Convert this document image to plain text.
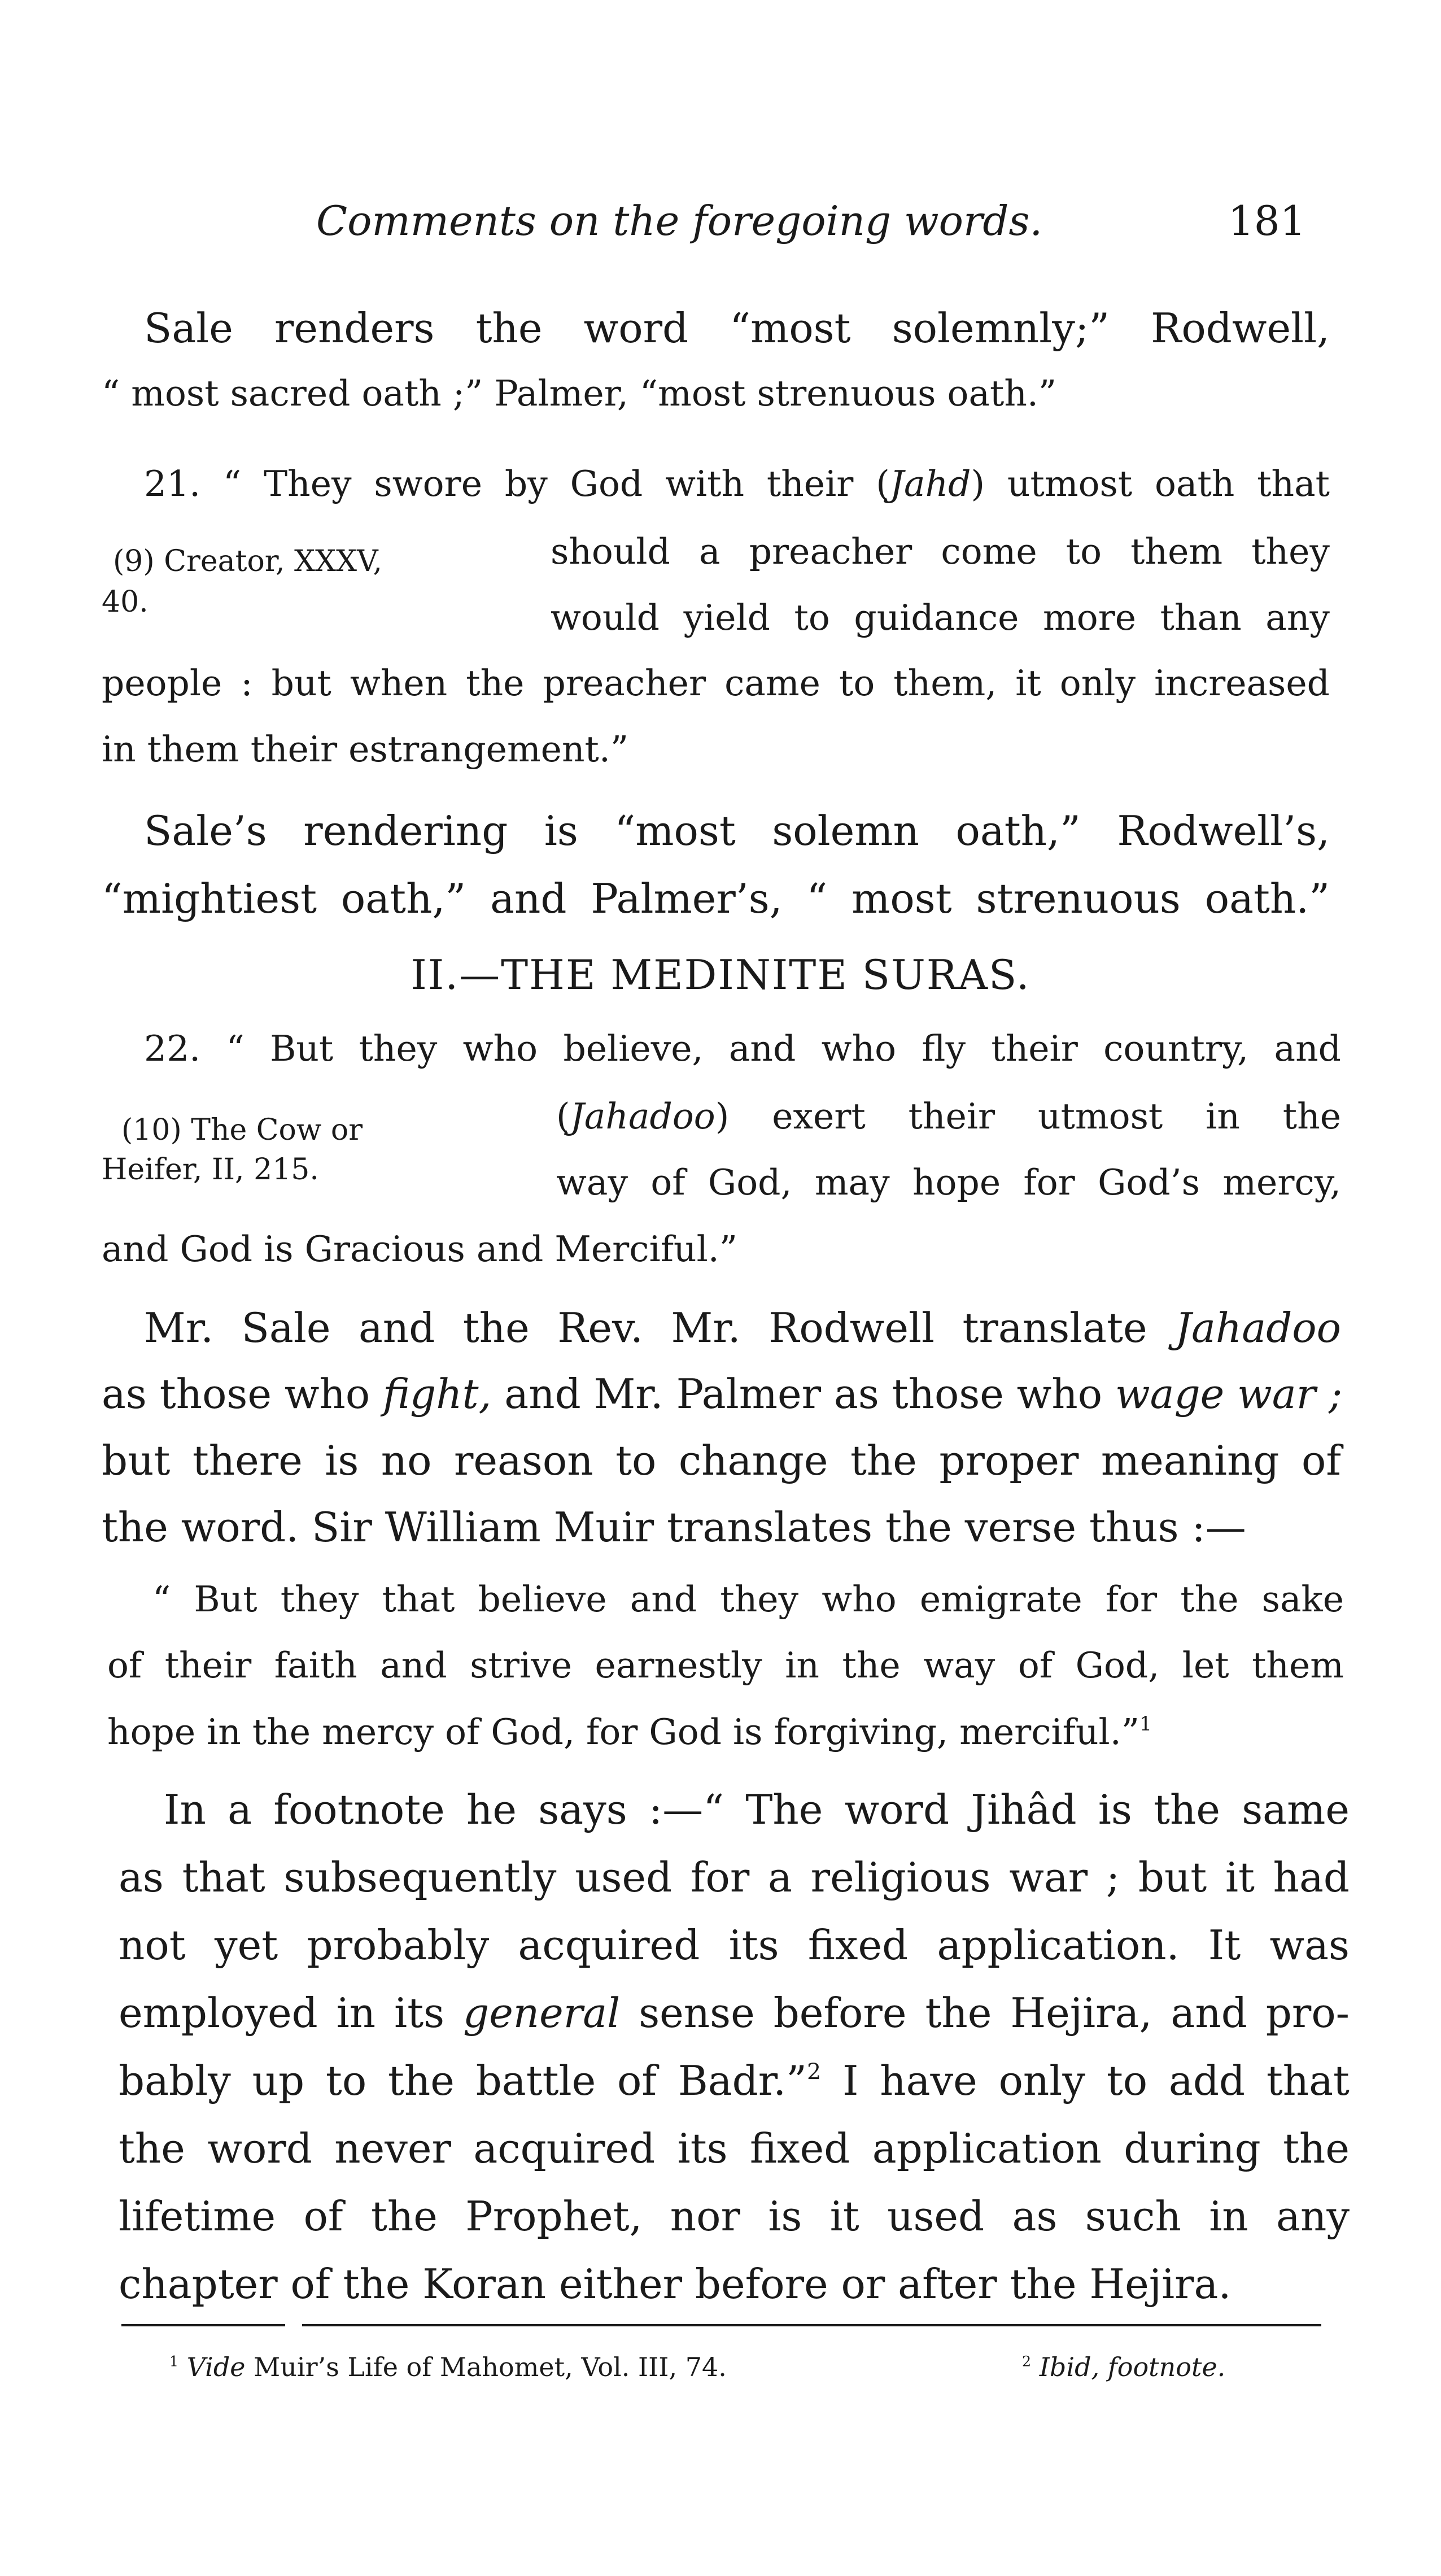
Comments on the foregoing words.	181
Sale renders the word “most solemnly;” Rodwell,
“ most sacred oath ;” Palmer, “most strenuous oath.”
21. “ They swore by God with their (Jahd) utmost oath that
(9) Creator, XXXV,
40.
should a preacher come to them they
would yield to guidance more than any
people : but when the preacher came to them, it only increased
in them their estrangement.”
Sale’s rendering is “most solemn oath,” Rodwell’s,
“mightiest oath,” and Palmer’s, “ most strenuous oath.”
II.—THE MEDINITE SURAS.
22. “ But they who believe, and who fly their country, and
(10) The Cow or
Heifer, II, 215.
(Jahadoo) exert their utmost in the
way of God, may hope for God’s mercy,
and God is Gracious and Merciful.”
Mr. Sale and the Rev. Mr. Rodwell translate Jahadoo
as those who fight, and Mr. Palmer as those who wage war ;
but there is no reason to change the proper meaning of
the word. Sir William Muir translates the verse thus :—
“ But they that believe and they who emigrate for the sake
of their faith and strive earnestly in the way of God, let them
hope in the mercy of God, for God is forgiving, merciful.”$^1$
In a footnote he says :—“ The word Jihâd is the same
as that subsequently used for a religious war ; but it had
not yet probably acquired its fixed application. It was
employed in its general sense before the Hejira, and pro-
bably up to the battle of Badr.”$^2$ I have only to add that
the word never acquired its fixed application during the
lifetime of the Prophet, nor is it used as such in any
chapter of the Koran either before or after the Hejira.
$^1$ Vide Muir’s Life of Mahomet, Vol. III, 74.	$^2$ Ibid, footnote.
